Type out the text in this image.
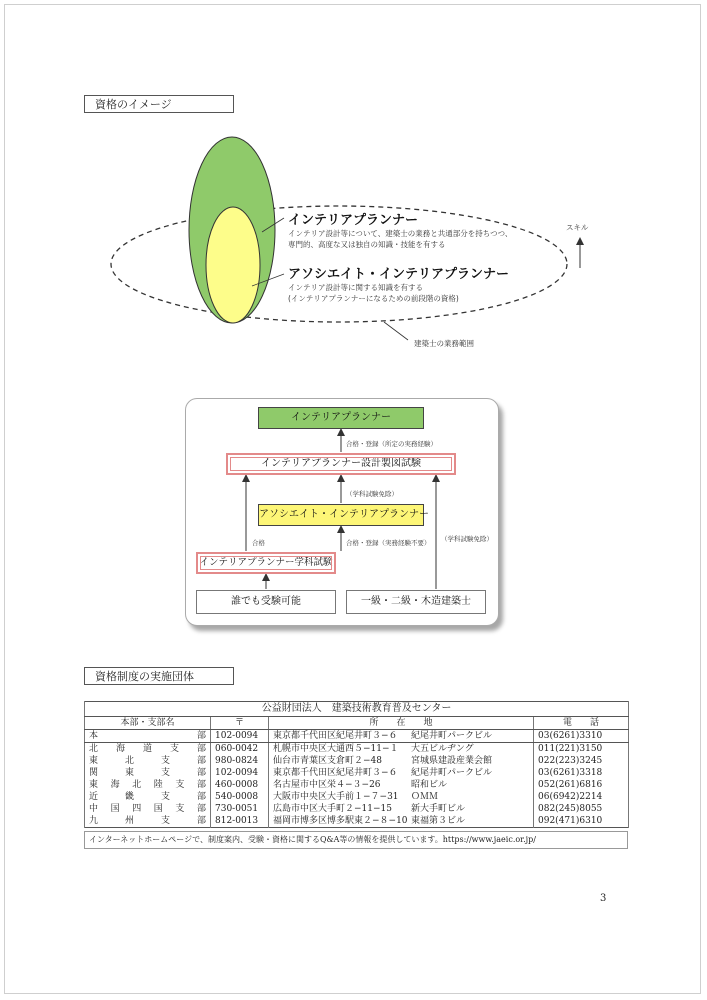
資格のイメージ
インテリアプランナー
インテリア設計等について、建築士の業務と共通部分を持ちつつ、
専門的、高度な又は独自の知識・技能を有する
アソシエイト・インテリアプランナー
インテリア設計等に関する知識を有する
(インテリアプランナーになるための前段階の資格)
スキル
建築士の業務範囲
インテリアプランナー
合格・登録（所定の実務経験）
インテリアプランナー設計製図試験
（学科試験免除）
アソシエイト・インテリアプランナー
合格	合格・登録（実務経験不要） （学科試験免除）
インテリアプランナー学科試験
誰でも受験可能	一級・二級・木造建築士
資格制度の実施団体
公益財団法人　建築技術教育普及センター			
本部・支部名	〒	所　　在　　地	電　　話

本 部	102-0094	東京都千代田区紀尾井町３−６ 紀尾井町パークビル	03(6261)3310
北海道支部	060-0042	札幌市中央区大通西５−11−１ 大五ビルヂング	011(221)3150
東北支部	980-0824	仙台市青葉区支倉町２−48 宮城県建設産業会館	022(223)3245
関東支部	102-0094	東京都千代田区紀尾井町３−６ 紀尾井町パークビル	03(6261)3318
東海北陸支部	460-0008	名古屋市中区栄４−３−26 昭和ビル	052(261)6816
近畿支部	540-0008	大阪市中央区大手前１−７−31 ＯＭＭ	06(6942)2214
中国四国支部	730-0051	広島市中区大手町２−11−15 新大手町ビル	082(245)8055
九州支部	812-0013	福岡市博多区博多駅東２−８−10 東福第３ビル	092(471)6310
インターネットホームページで、制度案内、受験・資格に関するQ&A等の情報を提供しています。https://www.jaeic.or.jp/
3
